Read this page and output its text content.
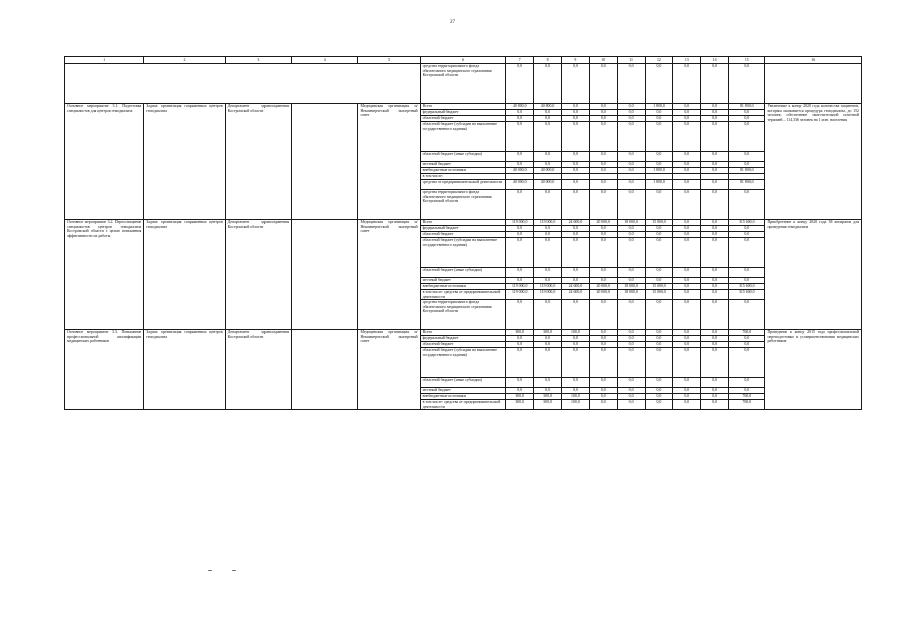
27
1	2	3	4	5	6	7	8	9	10	11	12	13	14	15	16
					средства территориального фонда обязательного медицинского страхования Костромской области	0,0	0,0	0,0	0,0	0,0	0,0	0,0	0,0	0,0	
Основное мероприятие 3.1. Подготовка специалистов для центров гемодиализа	Задача: организация сопряженных центров гемодиализа	Департамент здравоохранения Костромской области		Медицинская организация и/Некоммерческий экспертный совет	Всего	40 800,0	40 800,0	0,0	0,0	0,0	1 800,0	0,0	0,0	81 800,0	Увеличение к концу 2020 года количества пациентов, которым оказывается процедура гемодиализа, до 152 человек; обеспечение заместительной почечной терапией – 114,336 человек на 1 млн. населения
					федеральный бюджет	0,0	0,0	0,0	0,0	0,0	0,0	0,0	0,0	0,0	
					областной бюджет	0,0	0,0	0,0	0,0	0,0	0,0	0,0	0,0	0,0	
					областной бюджет (субсидии на выполнение государственного задания)	0,0	0,0	0,0	0,0	0,0	0,0	0,0	0,0	0,0	
					областной бюджет (иные субсидии)	0,0	0,0	0,0	0,0	0,0	0,0	0,0	0,0	0,0	
					местный бюджет	0,0	0,0	0,0	0,0	0,0	0,0	0,0	0,0	0,0	
					внебюджетные источники	40 000,0	40 000,0	0,0	0,0	0,0	1 800,0	0,0	0,0	81 800,0	
					в том числе:										
					средства от предпринимательской деятельности	40 000,0	40 000,0	0,0	0,0	0,0	1 800,0	0,0	0,0	81 800,0	
					средства территориального фонда обязательного медицинского страхования Костромской области	0,0	0,0	0,0	0,0	0,0	0,0	0,0	0,0	0,0	
Основное мероприятие 3.2. Переоснащение специалистов центров гемодиализа Костромской области с целью повышения эффективности их работы	Задача: организация сопряженных центров гемодиализа	Департамент здравоохранения Костромской области		Медицинская организация и/Некоммерческий экспертный совет	Всего	119 000,0	119 000,0	24 600,0	20 000,0	18 000,0	15 000,0	0,0	0,0	315 600,0	Приобретение к концу 2020 года 38 аппаратов для проведения гемодиализа
					федеральный бюджет	0,0	0,0	0,0	0,0	0,0	0,0	0,0	0,0	0,0	
					областной бюджет	0,0	0,0	0,0	0,0	0,0	0,0	0,0	0,0	0,0	
					областной бюджет (субсидии на выполнение государственного задания)	0,0	0,0	0,0	0,0	0,0	0,0	0,0	0,0	0,0	
					областной бюджет (иные субсидии)	0,0	0,0	0,0	0,0	0,0	0,0	0,0	0,0	0,0	
					местный бюджет	0,0	0,0	0,0	0,0	0,0	0,0	0,0	0,0	0,0	
					внебюджетные источники	119 000,0	119 000,0	24 600,0	20 000,0	18 000,0	15 000,0	0,0	0,0	315 600,0	
					в том числе: средства от предпринимательской деятельности	119 000,0	119 000,0	24 600,0	20 000,0	18 000,0	15 000,0	0,0	0,0	315 600,0	
					средства территориального фонда обязательного медицинского страхования Костромской области	0,0	0,0	0,0	0,0	0,0	0,0	0,0	0,0	0,0	
Основное мероприятие 3.3. Повышение профессиональной квалификации медицинских работников	Задача: организация сопряженных центров гемодиализа	Департамент здравоохранения Костромской области		Медицинская организация и/Некоммерческий экспертный совет	Всего	300,0	300,0	100,0	0,0	0,0	0,0	0,0	0,0	700,0	Проведение к концу 2015 года профессиональной переподготовки и усовершенствования медицинских работников
					федеральный бюджет	0,0	0,0	0,0	0,0	0,0	0,0	0,0	0,0	0,0	
					областной бюджет	0,0	0,0	0,0	0,0	0,0	0,0	0,0	0,0	0,0	
					областной бюджет (субсидии на выполнение государственного задания)	0,0	0,0	0,0	0,0	0,0	0,0	0,0	0,0	0,0	
					областной бюджет (иные субсидии)	0,0	0,0	0,0	0,0	0,0	0,0	0,0	0,0	0,0	
					местный бюджет	0,0	0,0	0,0	0,0	0,0	0,0	0,0	0,0	0,0	
					внебюджетные источники	300,0	300,0	100,0	0,0	0,0	0,0	0,0	0,0	700,0	
					в том числе: средства от предпринимательской деятельности	300,0	300,0	100,0	0,0	0,0	0,0	0,0	0,0	700,0	
